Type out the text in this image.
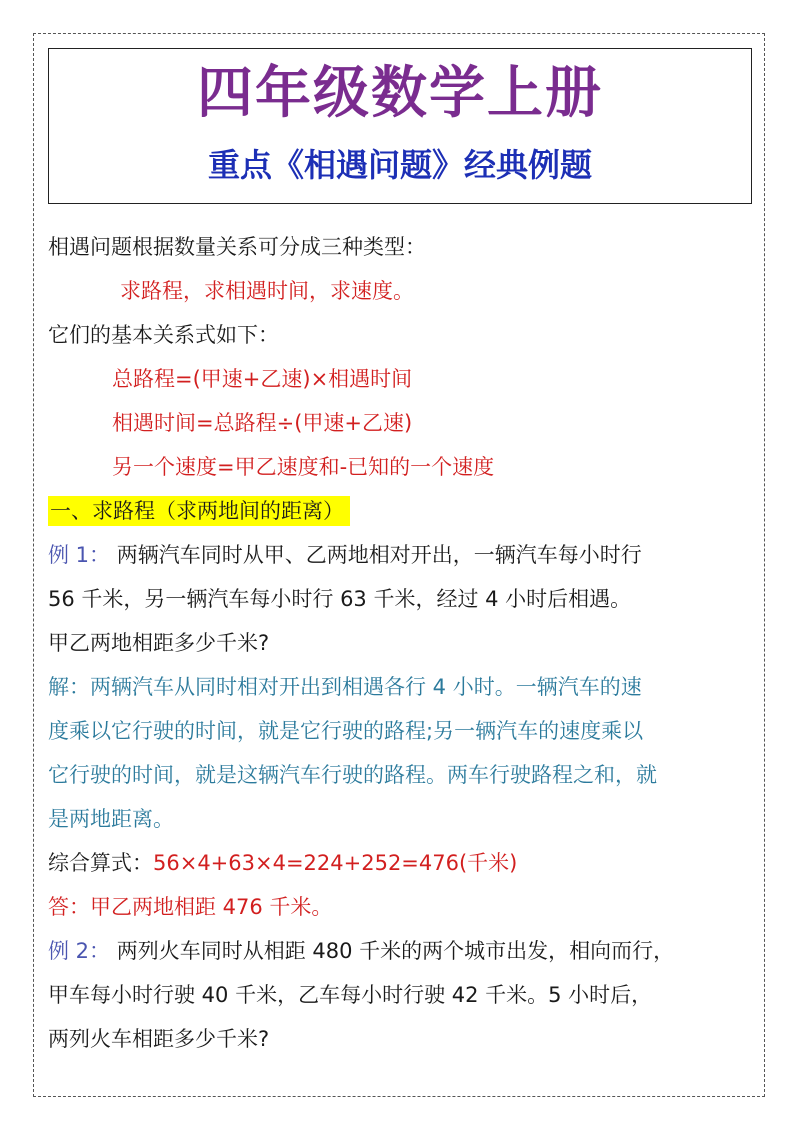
四年级数学上册
重点《相遇问题》经典例题
相遇问题根据数量关系可分成三种类型：
求路程，求相遇时间，求速度。
它们的基本关系式如下：
总路程=(甲速+乙速)×相遇时间
相遇时间=总路程÷(甲速+乙速)
另一个速度=甲乙速度和-已知的一个速度
一、求路程（求两地间的距离）
例 1： 两辆汽车同时从甲、乙两地相对开出，一辆汽车每小时行
56 千米，另一辆汽车每小时行 63 千米，经过 4 小时后相遇。
甲乙两地相距多少千米?
解：两辆汽车从同时相对开出到相遇各行 4 小时。一辆汽车的速
度乘以它行驶的时间，就是它行驶的路程;另一辆汽车的速度乘以
它行驶的时间，就是这辆汽车行驶的路程。两车行驶路程之和，就
是两地距离。
综合算式：56×4+63×4=224+252=476(千米)
答：甲乙两地相距 476 千米。
例 2： 两列火车同时从相距 480 千米的两个城市出发，相向而行，
甲车每小时行驶 40 千米，乙车每小时行驶 42 千米。5 小时后，
两列火车相距多少千米?
